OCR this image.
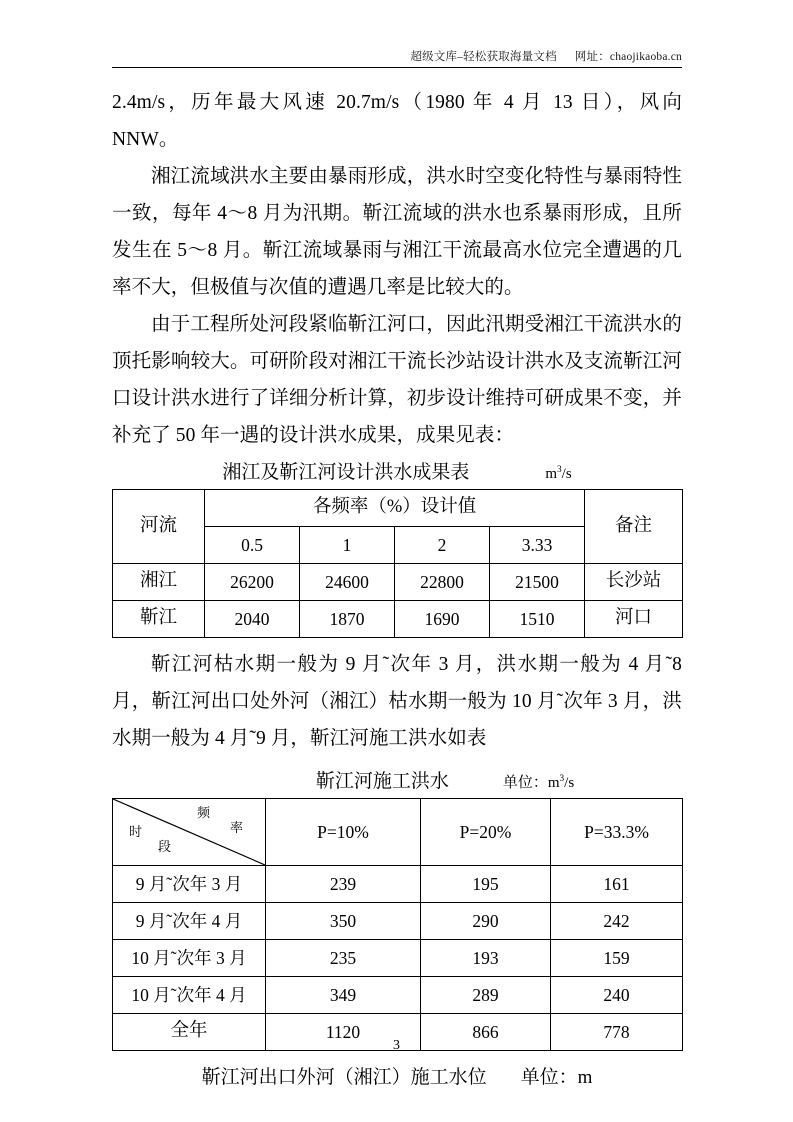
超级文库–轻松获取海量文档 网址：chaojikaoba.cn

2.4m/s，历年最大风速 20.7m/s（1980 年 4 月 13 日），风向 NNW。

湘江流域洪水主要由暴雨形成，洪水时空变化特性与暴雨特性一致，每年 4～8 月为汛期。靳江流域的洪水也系暴雨形成，且所发生在 5～8 月。靳江流域暴雨与湘江干流最高水位完全遭遇的几率不大，但极值与次值的遭遇几率是比较大的。

由于工程所处河段紧临靳江河口，因此汛期受湘江干流洪水的顶托影响较大。可研阶段对湘江干流长沙站设计洪水及支流靳江河口设计洪水进行了详细分析计算，初步设计维持可研成果不变，并补充了 50 年一遇的设计洪水成果，成果见表：

湘江及靳江河设计洪水成果表	$m^3/s$
河流	各频率（%）设计值				备注
	0.5	1	2	3.33	
湘江	26200	24600	22800	21500	长沙站
靳江	2040	1870	1690	1510	河口

靳江河枯水期一般为 9 月˜次年 3 月，洪水期一般为 4 月˜8 月，靳江河出口处外河（湘江）枯水期一般为 10 月˜次年 3 月，洪水期一般为 4 月˜9 月，靳江河施工洪水如表

靳江河施工洪水	单位：$m^3/s$
频
率
时
段	P=10%	P=20%	P=33.3%
9 月˜次年 3 月	239	195	161
9 月˜次年 4 月	350	290	242
10 月˜次年 3 月	235	193	159
10 月˜次年 4 月	349	289	240
全年	1120	866	778
靳江河出口外河（湘江）施工水位 单位：m
3
